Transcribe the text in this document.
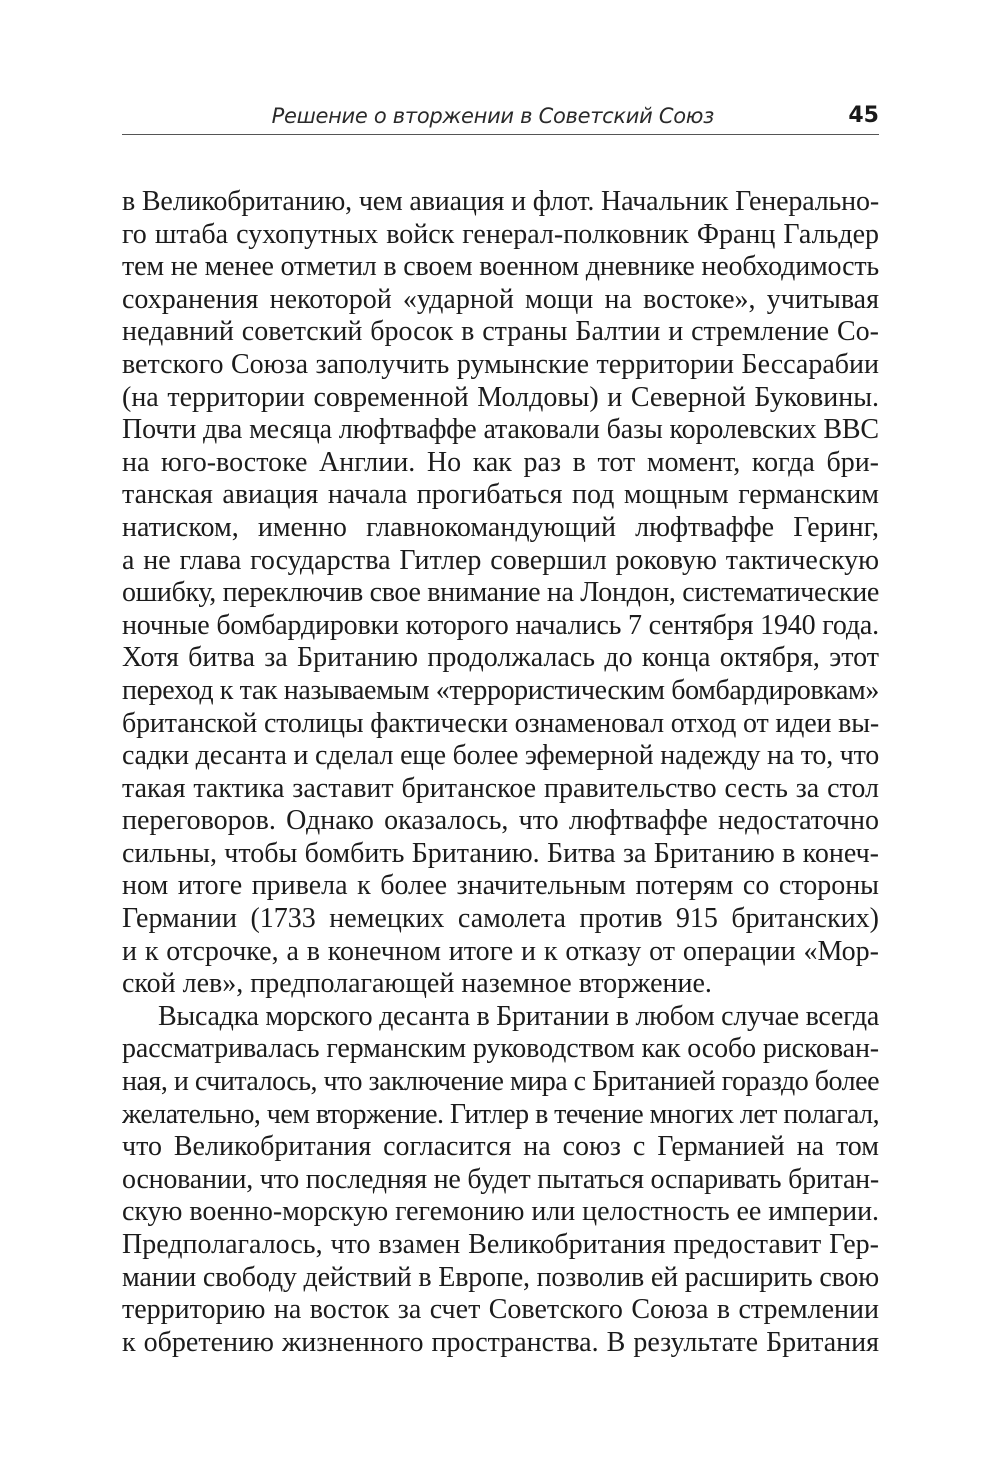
Решение о вторжении в Советский Союз	45
в Великобританию, чем авиация и флот. Начальник Генерально-
го штаба сухопутных войск генерал-полковник Франц Гальдер
тем не менее отметил в своем военном дневнике необходимость
сохранения некоторой «ударной мощи на востоке», учитывая
недавний советский бросок в страны Балтии и стремление Со-
ветского Союза заполучить румынские территории Бессарабии
(на территории современной Молдовы) и Северной Буковины.
Почти два месяца люфтваффе атаковали базы королевских ВВС
на юго-востоке Англии. Но как раз в тот момент, когда бри-
танская авиация начала прогибаться под мощным германским
натиском, именно главнокомандующий люфтваффе Геринг,
а не глава государства Гитлер совершил роковую тактическую
ошибку, переключив свое внимание на Лондон, систематические
ночные бомбардировки которого начались 7 сентября 1940 года.
Хотя битва за Британию продолжалась до конца октября, этот
переход к так называемым «террористическим бомбардировкам»
британской столицы фактически ознаменовал отход от идеи вы-
садки десанта и сделал еще более эфемерной надежду на то, что
такая тактика заставит британское правительство сесть за стол
переговоров. Однако оказалось, что люфтваффе недостаточно
сильны, чтобы бомбить Британию. Битва за Британию в конеч-
ном итоге привела к более значительным потерям со стороны
Германии (1733 немецких самолета против 915 британских)
и к отсрочке, а в конечном итоге и к отказу от операции «Мор-
ской лев», предполагающей наземное вторжение.
Высадка морского десанта в Британии в любом случае всегда
рассматривалась германским руководством как особо рискован-
ная, и считалось, что заключение мира с Британией гораздо более
желательно, чем вторжение. Гитлер в течение многих лет полагал,
что Великобритания согласится на союз с Германией на том
основании, что последняя не будет пытаться оспаривать британ-
скую военно-морскую гегемонию или целостность ее империи.
Предполагалось, что взамен Великобритания предоставит Гер-
мании свободу действий в Европе, позволив ей расширить свою
территорию на восток за счет Советского Союза в стремлении
к обретению жизненного пространства. В результате Британия
